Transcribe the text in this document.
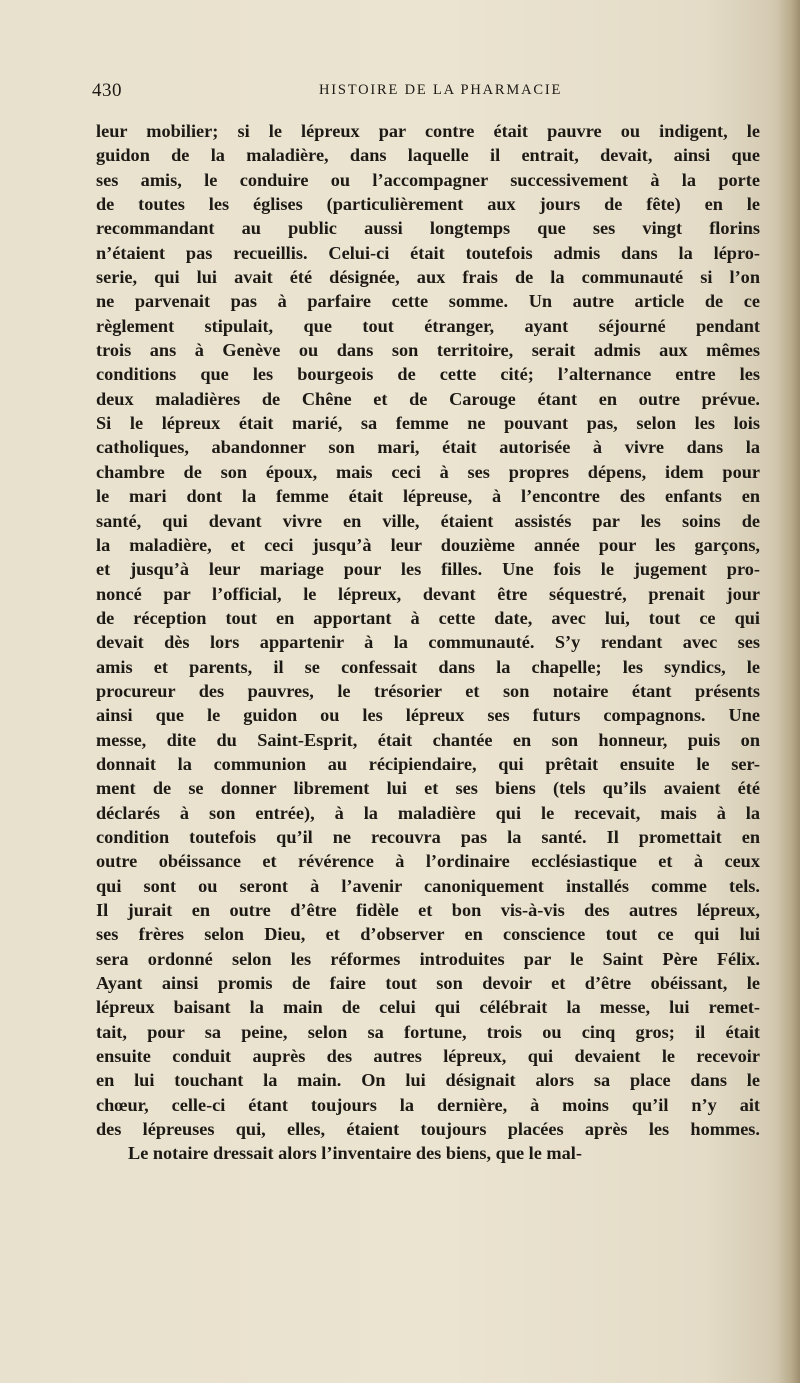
430	HISTOIRE DE LA PHARMACIE
leur mobilier; si le lépreux par contre était pauvre ou indigent, le
guidon de la maladière, dans laquelle il entrait, devait, ainsi que
ses amis, le conduire ou l’accompagner successivement à la porte
de toutes les églises (particulièrement aux jours de fête) en le
recommandant au public aussi longtemps que ses vingt florins
n’étaient pas recueillis. Celui-ci était toutefois admis dans la lépro-
serie, qui lui avait été désignée, aux frais de la communauté si l’on
ne parvenait pas à parfaire cette somme. Un autre article de ce
règlement stipulait, que tout étranger, ayant séjourné pendant
trois ans à Genève ou dans son territoire, serait admis aux mêmes
conditions que les bourgeois de cette cité; l’alternance entre les
deux maladières de Chêne et de Carouge étant en outre prévue.
Si le lépreux était marié, sa femme ne pouvant pas, selon les lois
catholiques, abandonner son mari, était autorisée à vivre dans la
chambre de son époux, mais ceci à ses propres dépens, idem pour
le mari dont la femme était lépreuse, à l’encontre des enfants en
santé, qui devant vivre en ville, étaient assistés par les soins de
la maladière, et ceci jusqu’à leur douzième année pour les garçons,
et jusqu’à leur mariage pour les filles. Une fois le jugement pro-
noncé par l’official, le lépreux, devant être séquestré, prenait jour
de réception tout en apportant à cette date, avec lui, tout ce qui
devait dès lors appartenir à la communauté. S’y rendant avec ses
amis et parents, il se confessait dans la chapelle; les syndics, le
procureur des pauvres, le trésorier et son notaire étant présents
ainsi que le guidon ou les lépreux ses futurs compagnons. Une
messe, dite du Saint-Esprit, était chantée en son honneur, puis on
donnait la communion au récipiendaire, qui prêtait ensuite le ser-
ment de se donner librement lui et ses biens (tels qu’ils avaient été
déclarés à son entrée), à la maladière qui le recevait, mais à la
condition toutefois qu’il ne recouvra pas la santé. Il promettait en
outre obéissance et révérence à l’ordinaire ecclésiastique et à ceux
qui sont ou seront à l’avenir canoniquement installés comme tels.
Il jurait en outre d’être fidèle et bon vis-à-vis des autres lépreux,
ses frères selon Dieu, et d’observer en conscience tout ce qui lui
sera ordonné selon les réformes introduites par le Saint Père Félix.
Ayant ainsi promis de faire tout son devoir et d’être obéissant, le
lépreux baisant la main de celui qui célébrait la messe, lui remet-
tait, pour sa peine, selon sa fortune, trois ou cinq gros; il était
ensuite conduit auprès des autres lépreux, qui devaient le recevoir
en lui touchant la main. On lui désignait alors sa place dans le
chœur, celle-ci étant toujours la dernière, à moins qu’il n’y ait
des lépreuses qui, elles, étaient toujours placées après les hommes.
Le notaire dressait alors l’inventaire des biens, que le mal-
